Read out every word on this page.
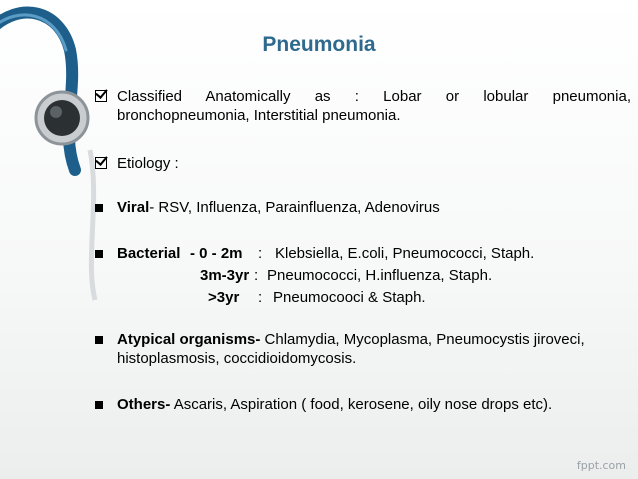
Pneumonia
Classified Anatomically as : Lobar or lobular pneumonia,
bronchopneumonia, Interstitial pneumonia.
Etiology :
Viral- RSV, Influenza, Parainfluenza, Adenovirus
Bacterial - 0 - 2m : Klebsiella, E.coli, Pneumococci, Staph.
3m-3yr : Pneumococci, H.influenza, Staph.
>3yr : Pneumocooci & Staph.
Atypical organisms- Chlamydia, Mycoplasma, Pneumocystis jiroveci,
histoplasmosis, coccidioidomycosis.
Others- Ascaris, Aspiration ( food, kerosene, oily nose drops etc).
fppt.com
